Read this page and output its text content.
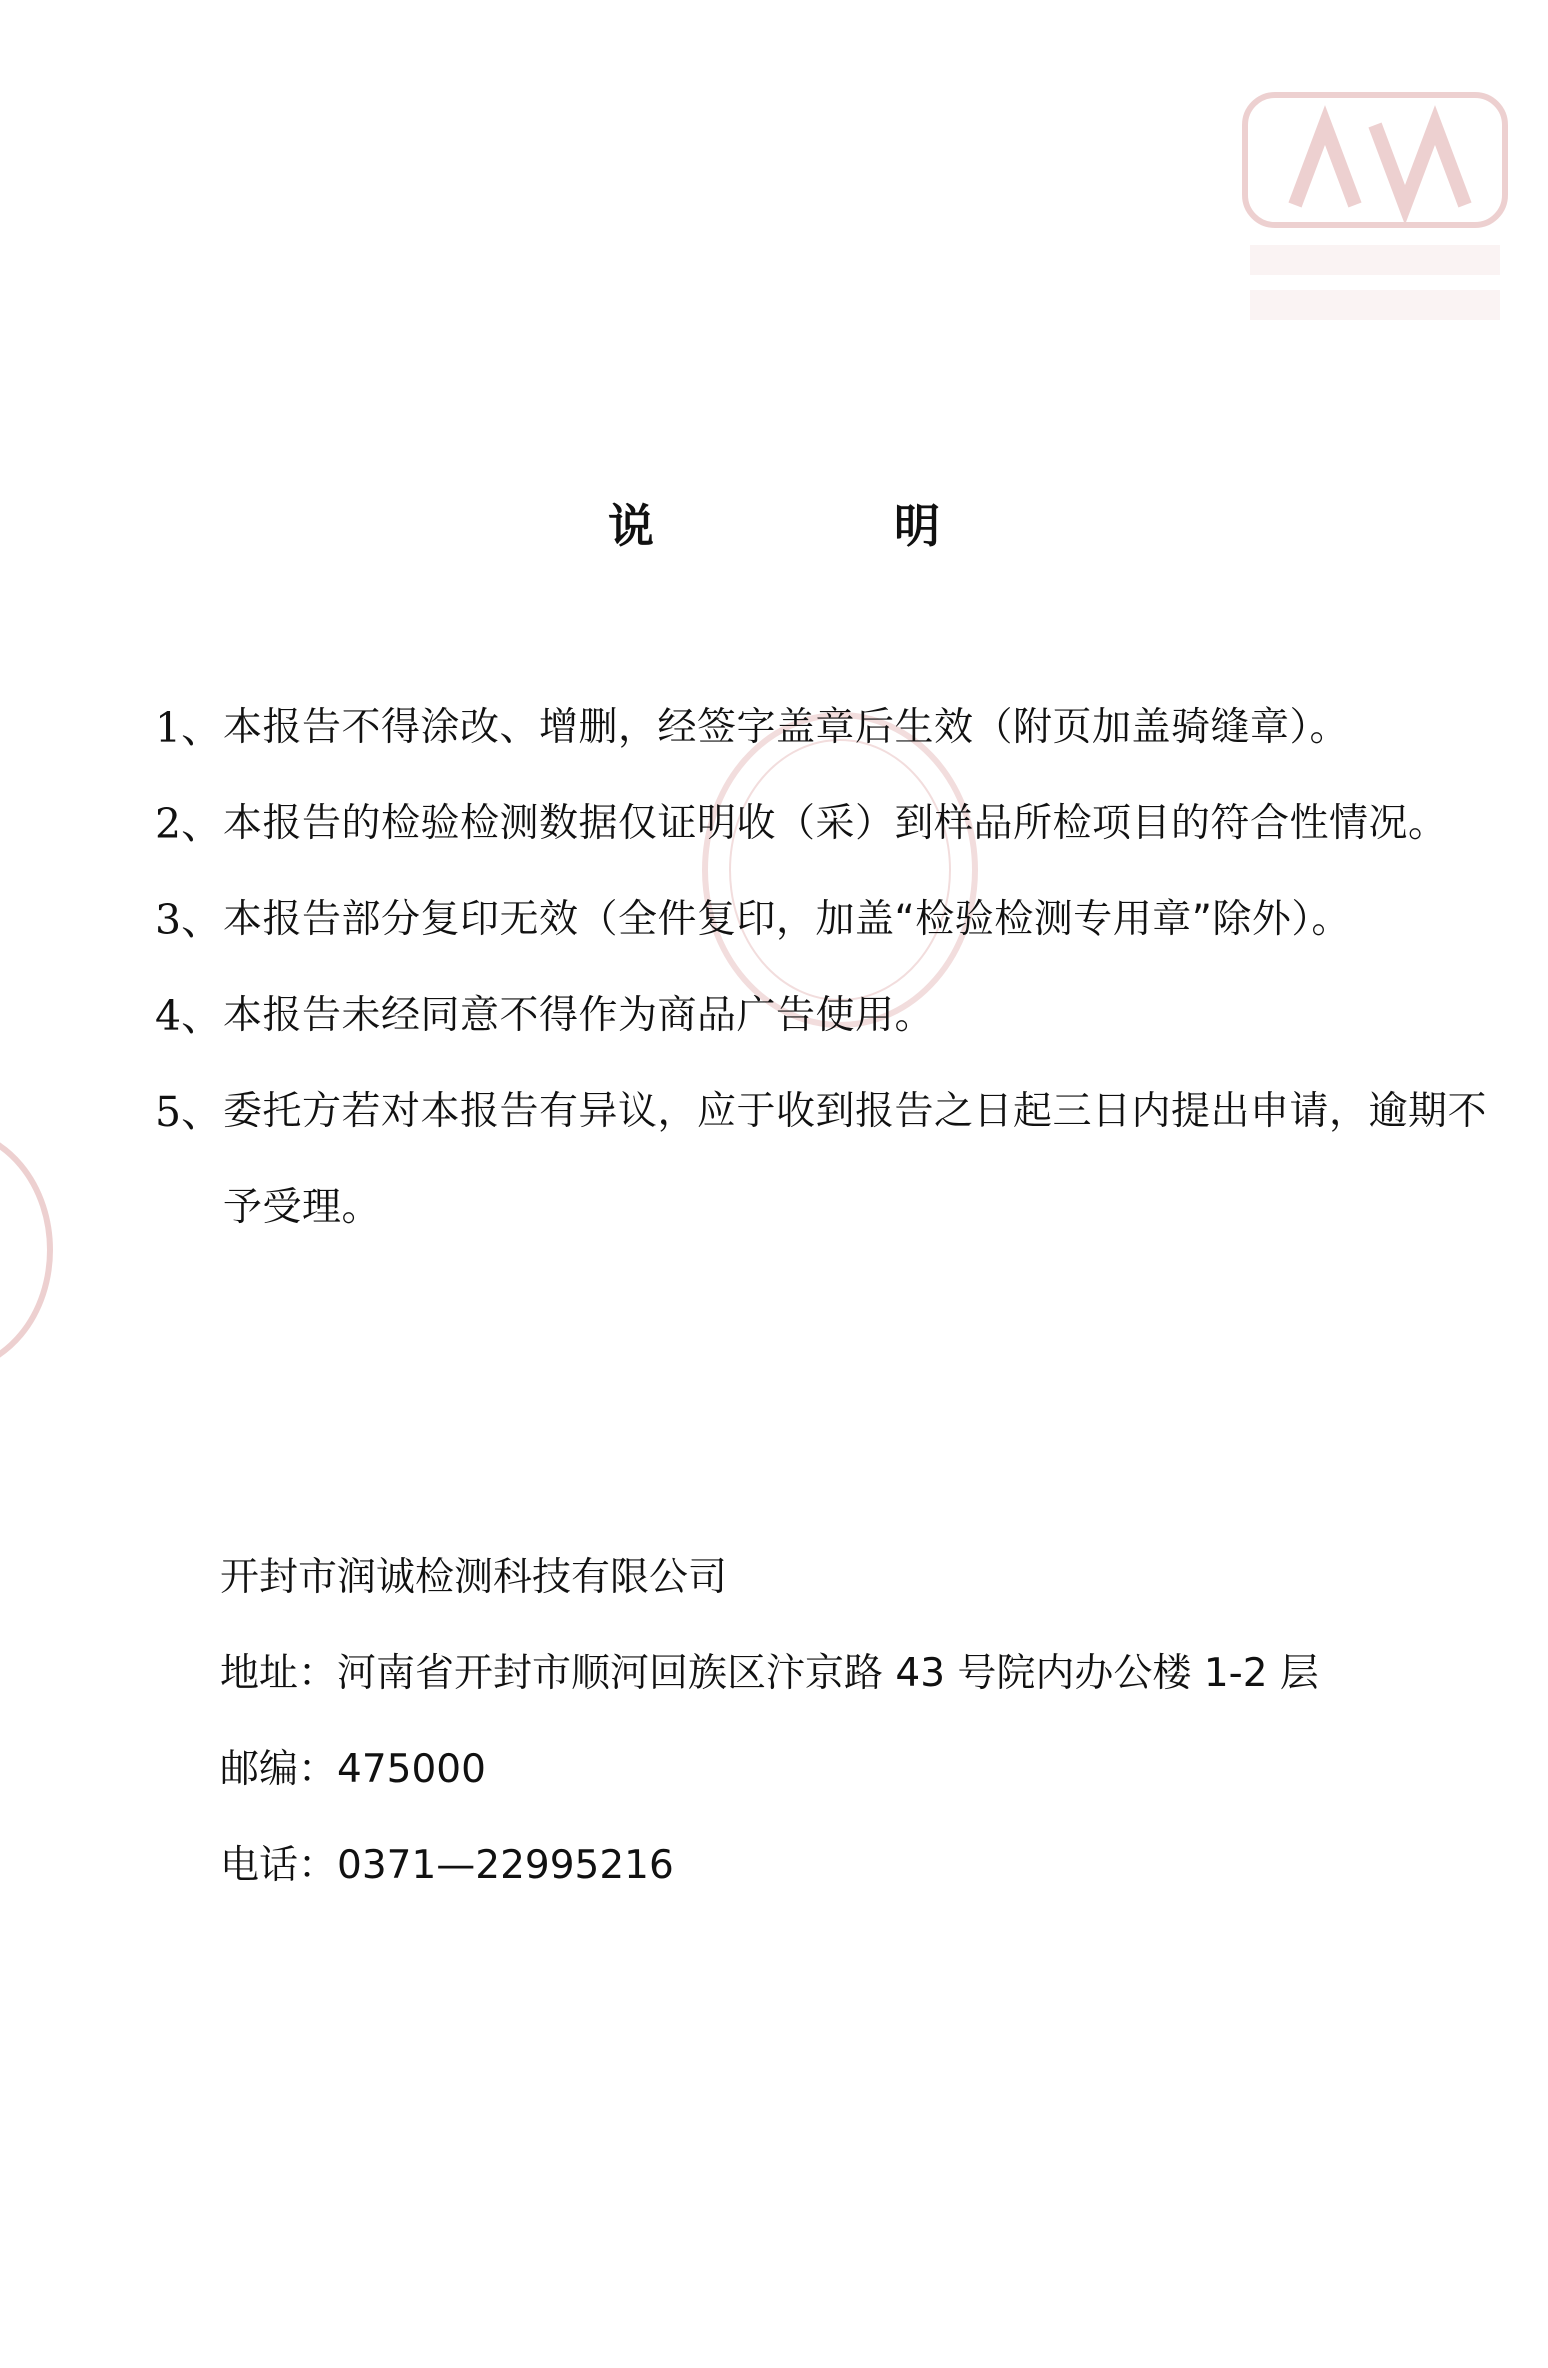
说	明
1、 本报告不得涂改、增删，经签字盖章后生效（附页加盖骑缝章）。
2、 本报告的检验检测数据仅证明收（采）到样品所检项目的符合性情况。
3、 本报告部分复印无效（全件复印，加盖“检验检测专用章”除外）。
4、 本报告未经同意不得作为商品广告使用。
5、 委托方若对本报告有异议，应于收到报告之日起三日内提出申请，逾期不予受理。
开封市润诚检测科技有限公司
地址：河南省开封市顺河回族区汴京路 43 号院内办公楼 1-2 层
邮编：475000
电话：0371—22995216
